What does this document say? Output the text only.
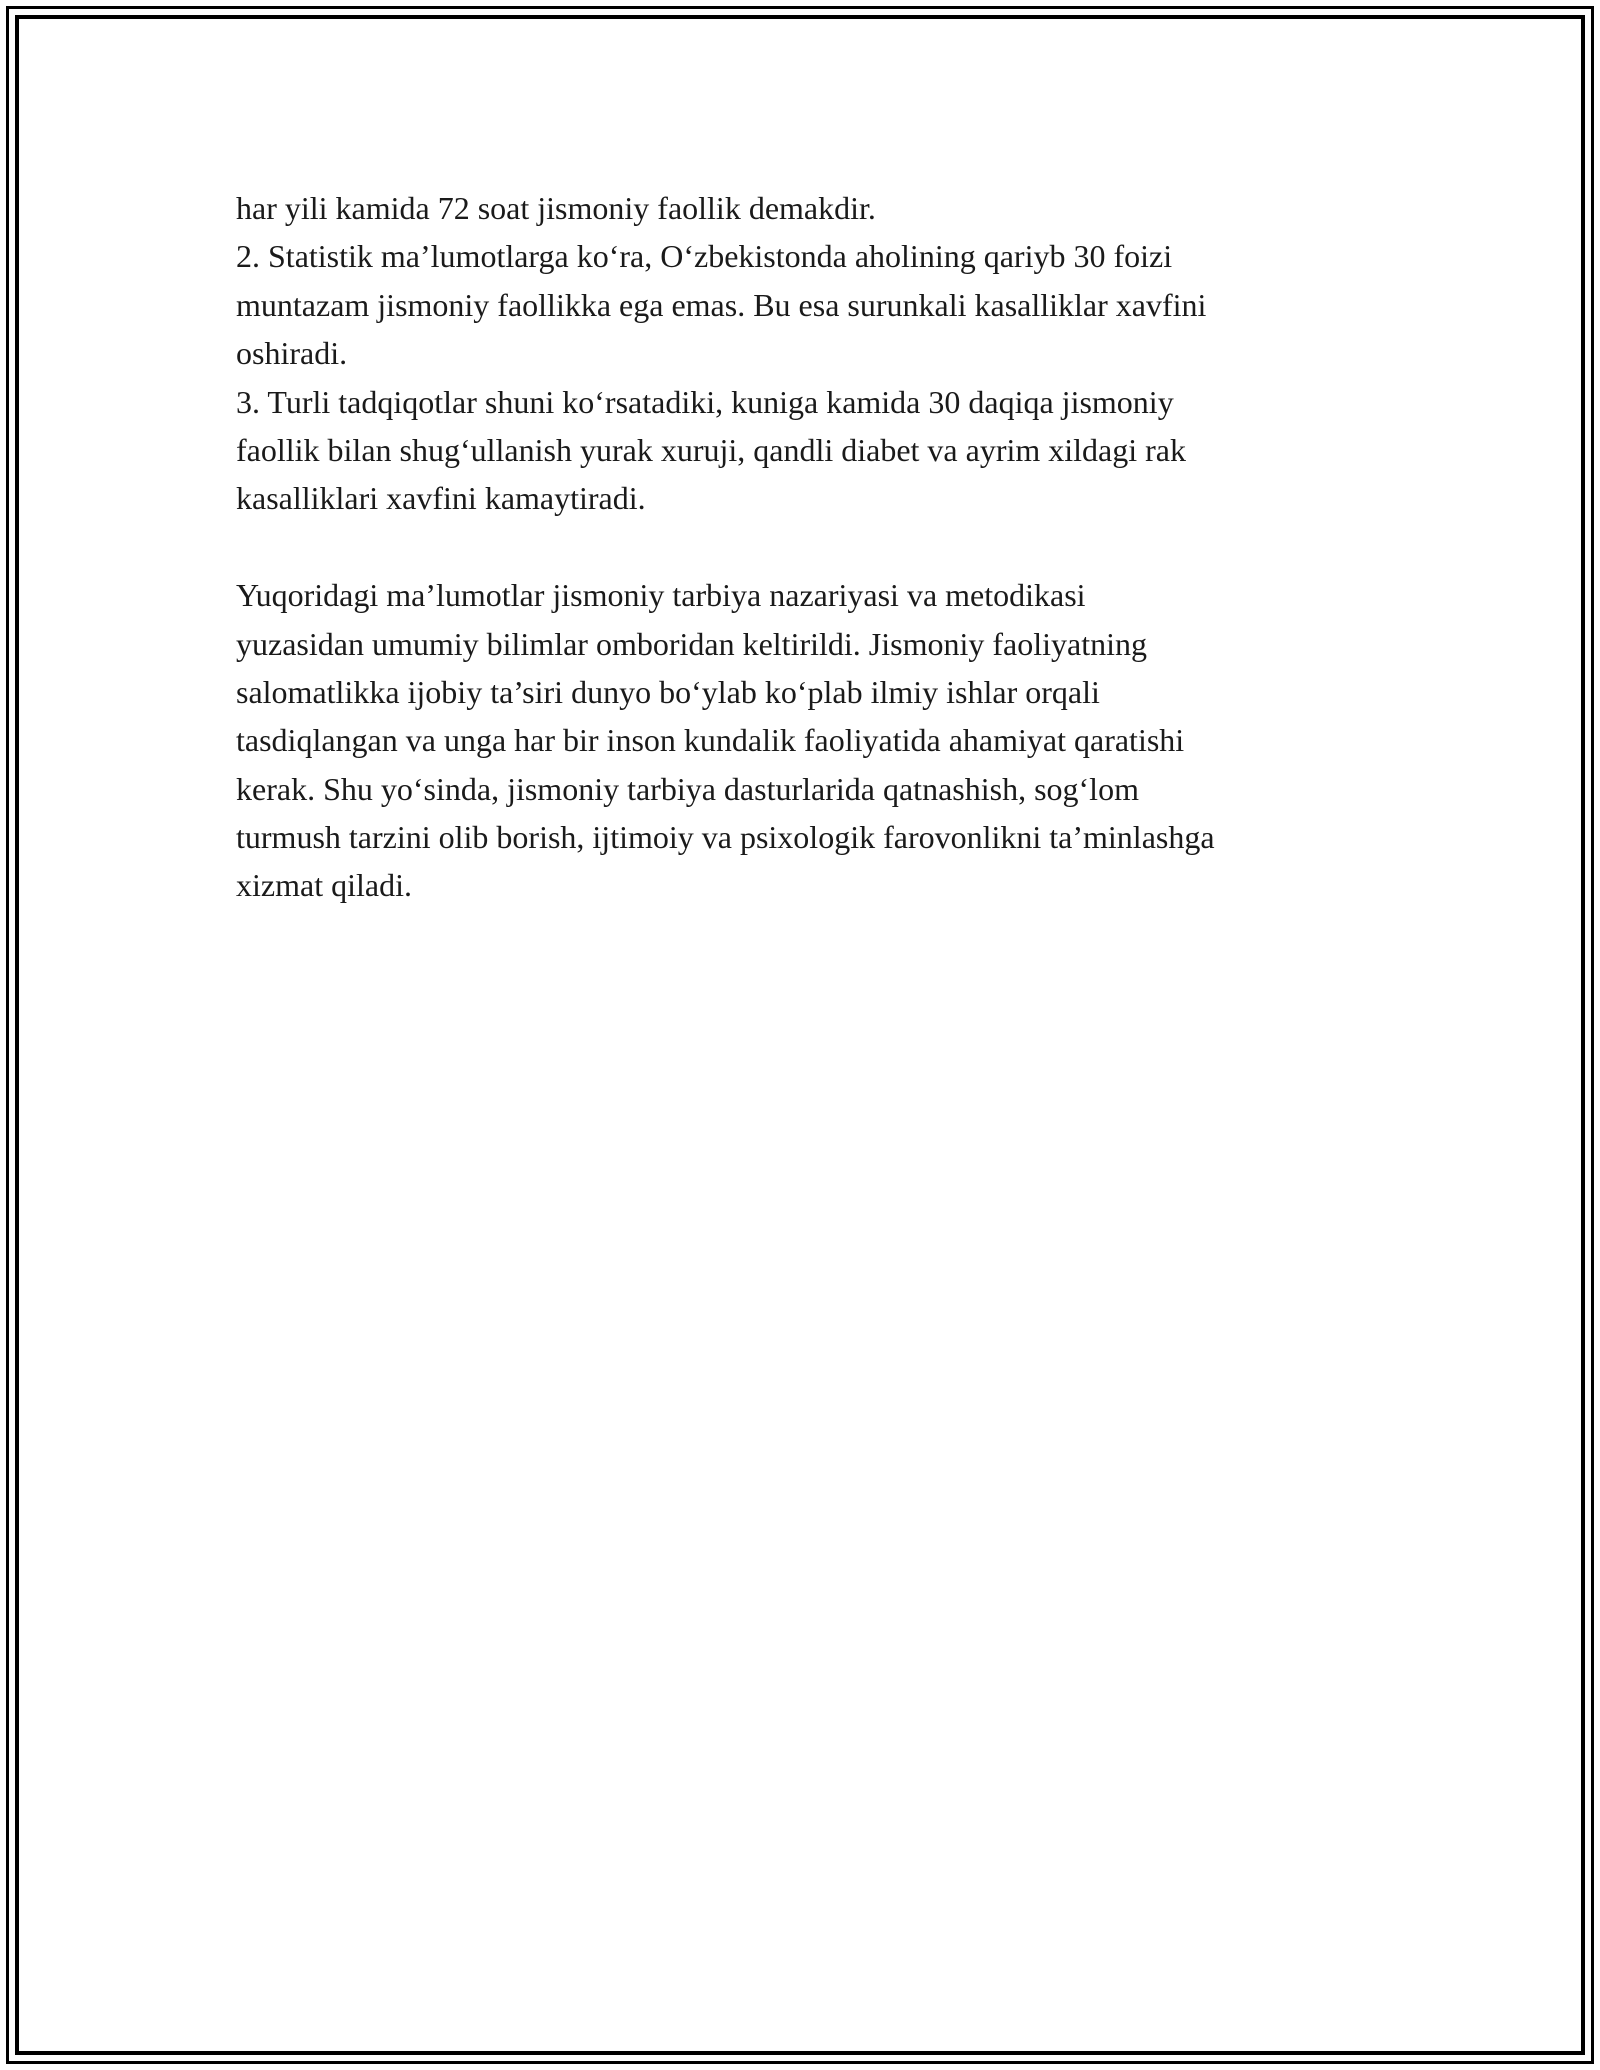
har yili kamida 72 soat jismoniy faollik demakdir.
2. Statistik ma’lumotlarga ko‘ra, O‘zbekistonda aholining qariyb 30 foizi
muntazam jismoniy faollikka ega emas. Bu esa surunkali kasalliklar xavfini
oshiradi.
3. Turli tadqiqotlar shuni ko‘rsatadiki, kuniga kamida 30 daqiqa jismoniy
faollik bilan shug‘ullanish yurak xuruji, qandli diabet va ayrim xildagi rak
kasalliklari xavfini kamaytiradi.
Yuqoridagi ma’lumotlar jismoniy tarbiya nazariyasi va metodikasi
yuzasidan umumiy bilimlar omboridan keltirildi. Jismoniy faoliyatning
salomatlikka ijobiy ta’siri dunyo bo‘ylab ko‘plab ilmiy ishlar orqali
tasdiqlangan va unga har bir inson kundalik faoliyatida ahamiyat qaratishi
kerak. Shu yo‘sinda, jismoniy tarbiya dasturlarida qatnashish, sog‘lom
turmush tarzini olib borish, ijtimoiy va psixologik farovonlikni ta’minlashga
xizmat qiladi.
